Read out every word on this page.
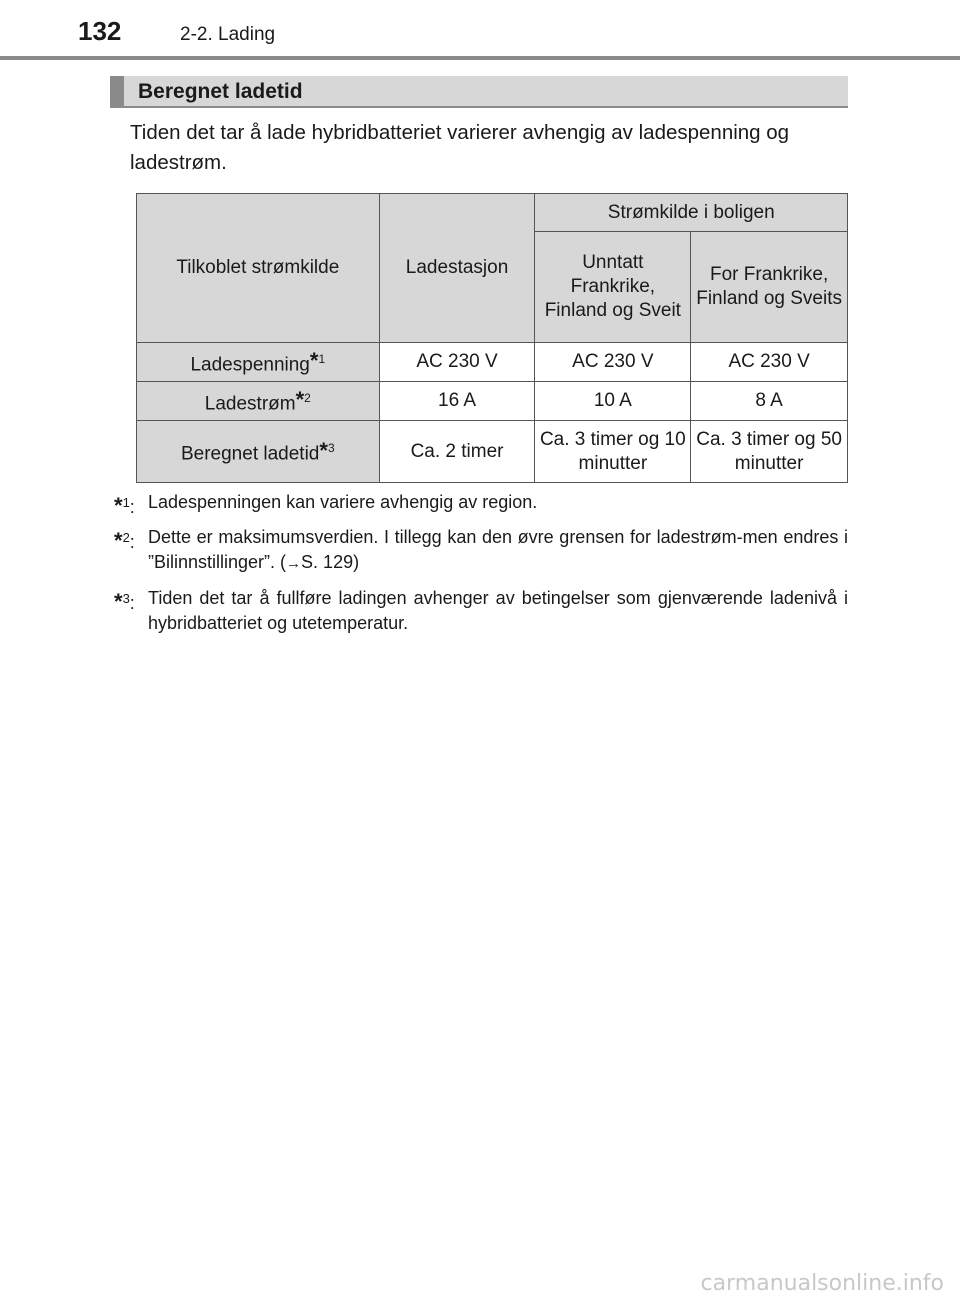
132	2-2. Lading
Beregnet ladetid
Tiden det tar å lade hybridbatteriet varierer avhengig av ladespenning og ladestrøm.
Tilkoblet strømkilde	Ladestasjon	Strømkilde i boligen	
		Unntatt Frankrike, Finland og Sveit	For Frankrike, Finland og Sveits
Ladespenning*$^1$	AC 230 V	AC 230 V	AC 230 V
Ladestrøm*$^2$	16 A	10 A	8 A
Beregnet ladetid*$^3$	Ca. 2 timer	Ca. 3 timer og 10 minutter	Ca. 3 timer og 50 minutter
*$^1$: Ladespenningen kan variere avhengig av region.
*$^2$: Dette er maksimumsverdien. I tillegg kan den øvre grensen for ladestrøm-men endres i ”Bilinnstillinger”. (→S. 129)
*$^3$: Tiden det tar å fullføre ladingen avhenger av betingelser som gjenværende ladenivå i hybridbatteriet og utetemperatur.
carmanualsonline.info
